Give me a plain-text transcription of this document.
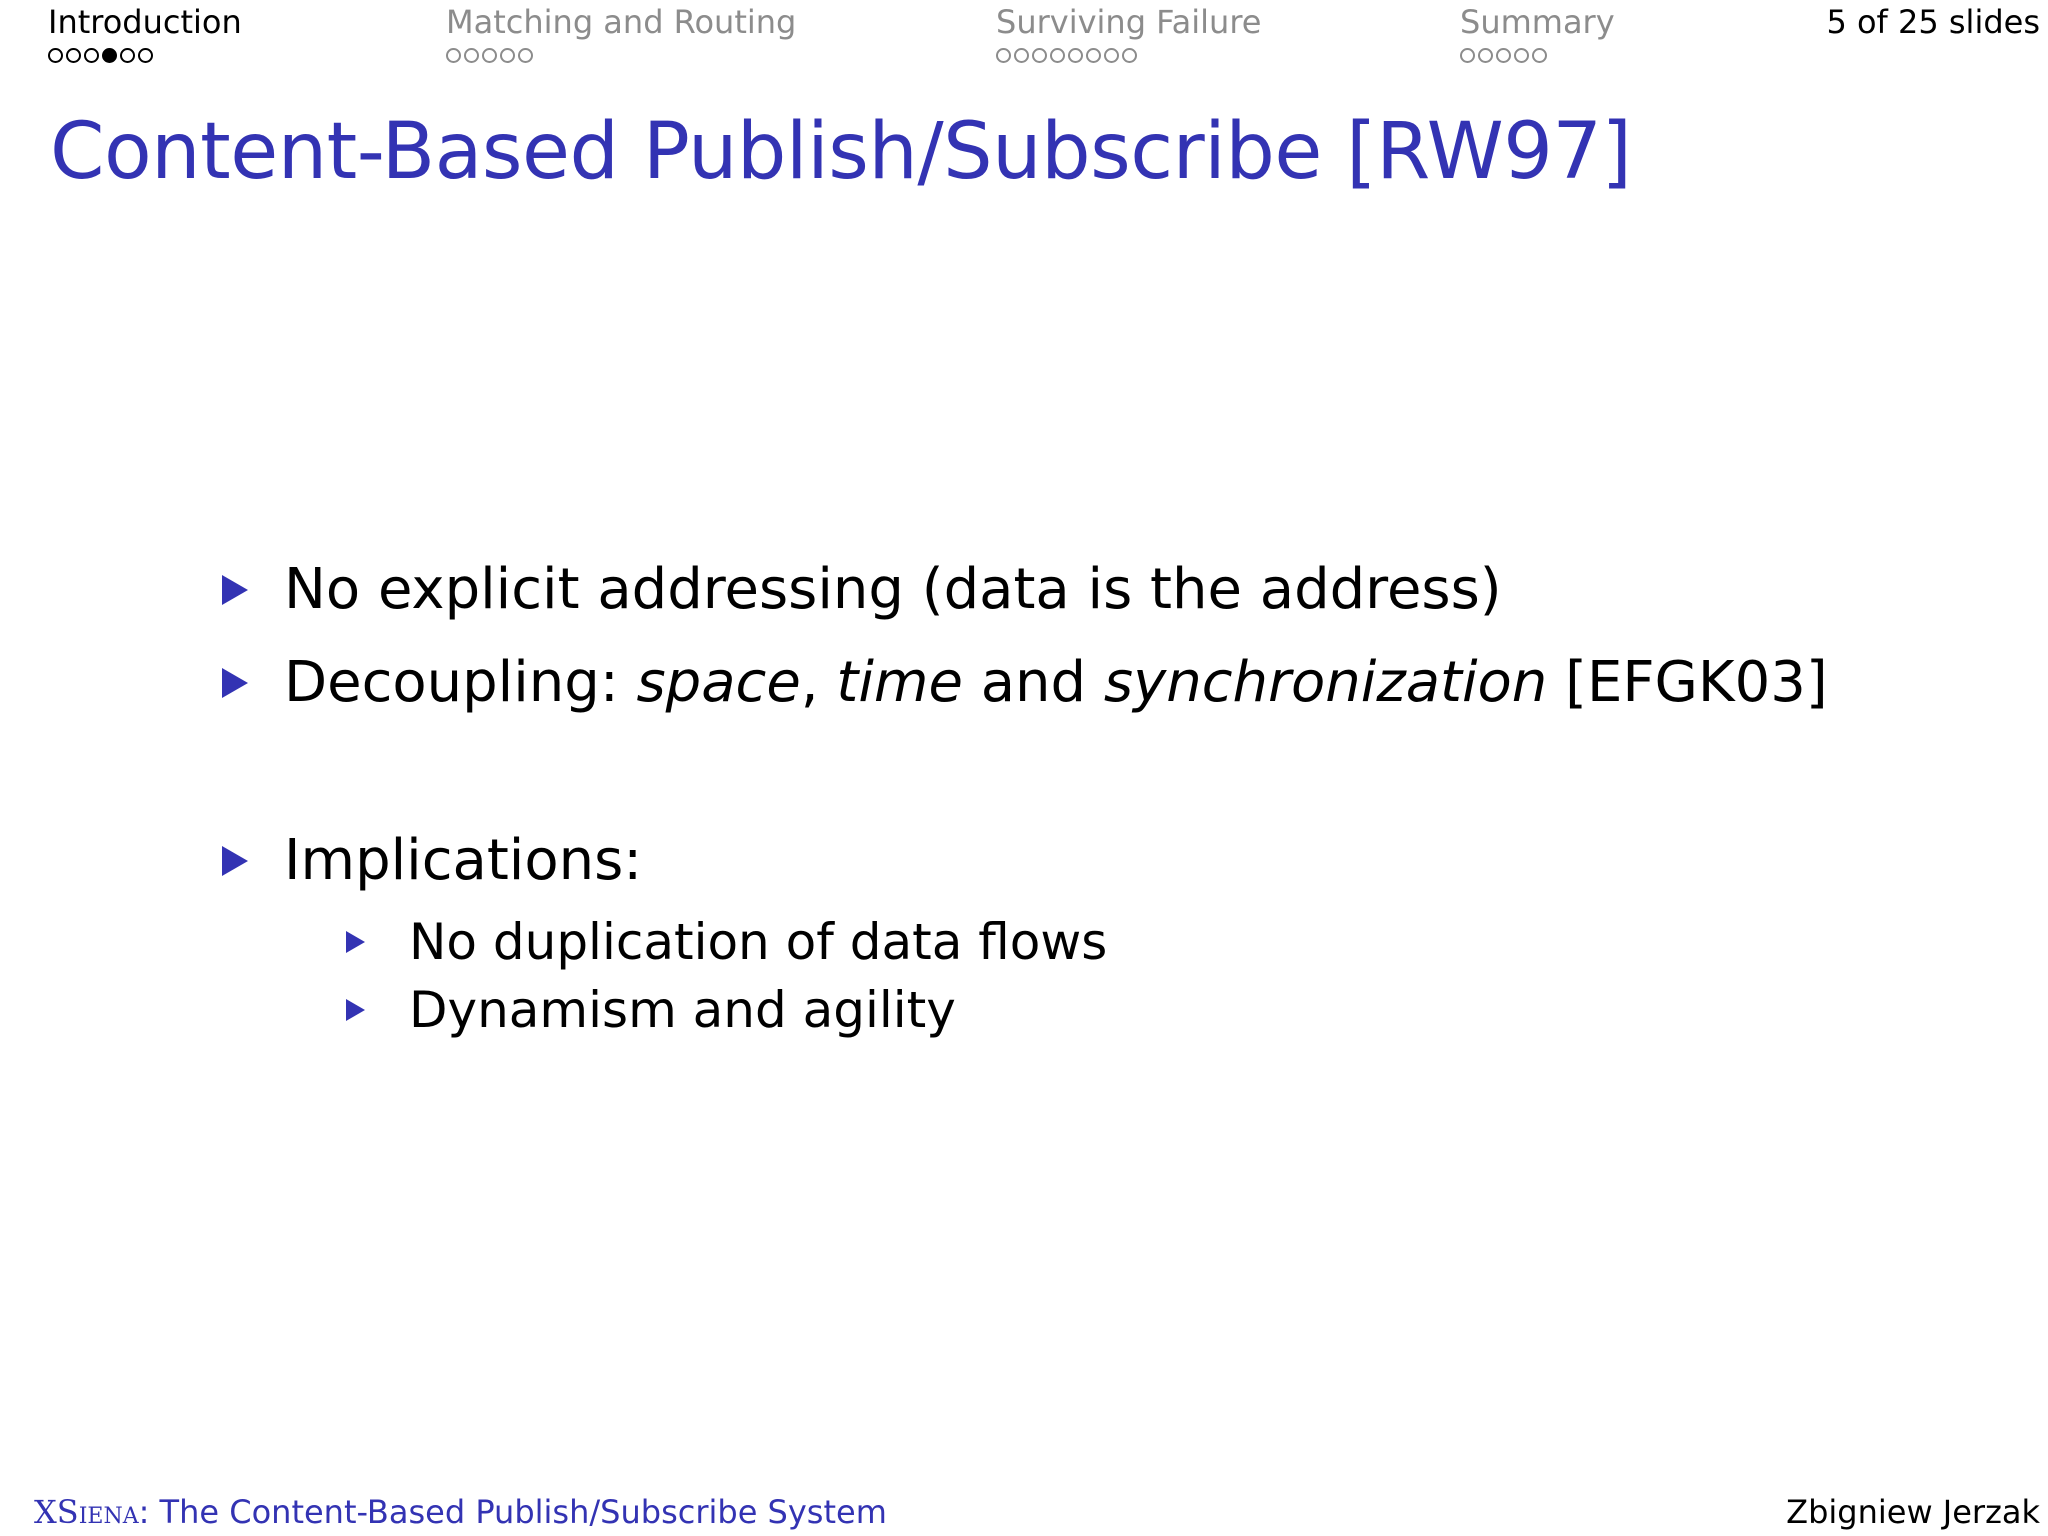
Introduction	Matching and Routing	Surviving Failure	Summary	5 of 25 slides
Content-Based Publish/Subscribe [RW97]
No explicit addressing (data is the address)
Decoupling: space, time and synchronization [EFGK03]
Implications:
No duplication of data flows
Dynamism and agility
XSiena: The Content-Based Publish/Subscribe System	Zbigniew Jerzak
